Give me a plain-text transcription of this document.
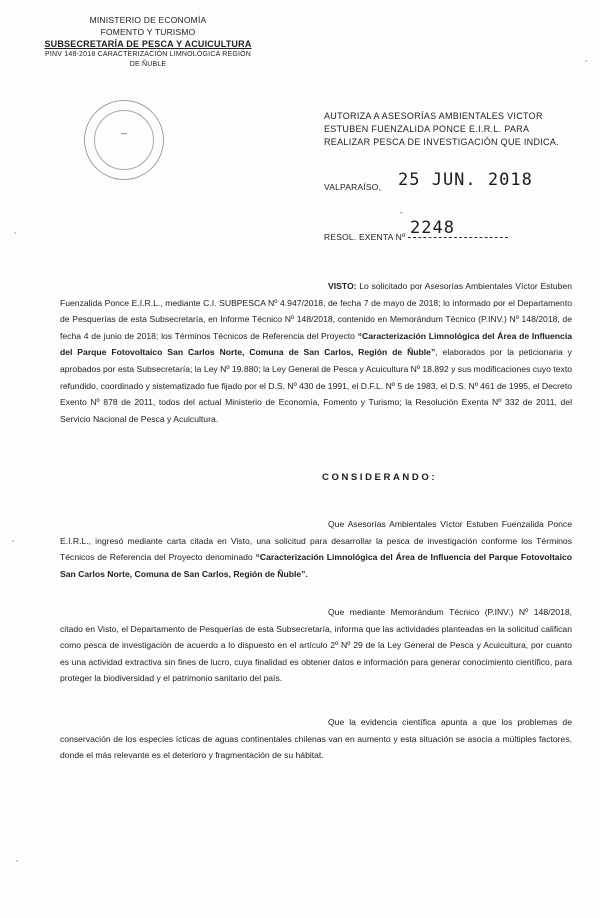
MINISTERIO DE ECONOMÍA
FOMENTO Y TURISMO
SUBSECRETARÍA DE PESCA Y ACUICULTURA
PINV 148-2018 CARACTERIZACIÓN LIMNOLÓGICA REGIÓN
DE ÑUBLE
•••
AUTORIZA A ASESORÍAS AMBIENTALES VICTOR ESTUBEN FUENZALIDA PONCE E.I.R.L. PARA REALIZAR PESCA DE INVESTIGACIÓN QUE INDICA.
VALPARAÍSO, 25 JUN. 2018
-
RESOL. EXENTA Nº 2248
VISTO: Lo solicitado por Asesorías Ambientales Víctor Estuben Fuenzalida Ponce E.I.R.L., mediante C.I. SUBPESCA Nº 4.947/2018, de fecha 7 de mayo de 2018; lo informado por el Departamento de Pesquerías de esta Subsecretaría, en Informe Técnico Nº 148/2018, contenido en Memorándum Técnico (P.INV.) Nº 148/2018, de fecha 4 de junio de 2018; los Términos Técnicos de Referencia del Proyecto “Caracterización Limnológica del Área de Influencia del Parque Fotovoltaico San Carlos Norte, Comuna de San Carlos, Región de Ñuble”, elaborados por la peticionaria y aprobados por esta Subsecretaría; la Ley Nº 19.880; la Ley General de Pesca y Acuicultura Nº 18.892 y sus modificaciones cuyo texto refundido, coordinado y sistematizado fue fijado por el D.S. Nº 430 de 1991, el D.F.L. Nº 5 de 1983, el D.S. Nº 461 de 1995, el Decreto Exento Nº 878 de 2011, todos del actual Ministerio de Economía, Fomento y Turismo; la Resolución Exenta Nº 332 de 2011, del Servicio Nacional de Pesca y Acuicultura.
CONSIDERANDO:
Que Asesorías Ambientales Víctor Estuben Fuenzalida Ponce E.I.R.L., ingresó mediante carta citada en Visto, una solicitud para desarrollar la pesca de investigación conforme los Términos Técnicos de Referencia del Proyecto denominado “Caracterización Limnológica del Área de Influencia del Parque Fotovoltaico San Carlos Norte, Comuna de San Carlos, Región de Ñuble”.
Que mediante Memorándum Técnico (P.INV.) Nº 148/2018, citado en Visto, el Departamento de Pesquerías de esta Subsecretaría, informa que las actividades planteadas en la solicitud califican como pesca de investigación de acuerdo a lo dispuesto en el artículo 2º Nº 29 de la Ley General de Pesca y Acuicultura, por cuanto es una actividad extractiva sin fines de lucro, cuya finalidad es obtener datos e información para generar conocimiento científico, para proteger la biodiversidad y el patrimonio sanitario del país.
Que la evidencia científica apunta a que los problemas de conservación de los especies ícticas de aguas continentales chilenas van en aumento y esta situación se asocia a múltiples factores, donde el más relevante es el deterioro y fragmentación de su hábitat.
